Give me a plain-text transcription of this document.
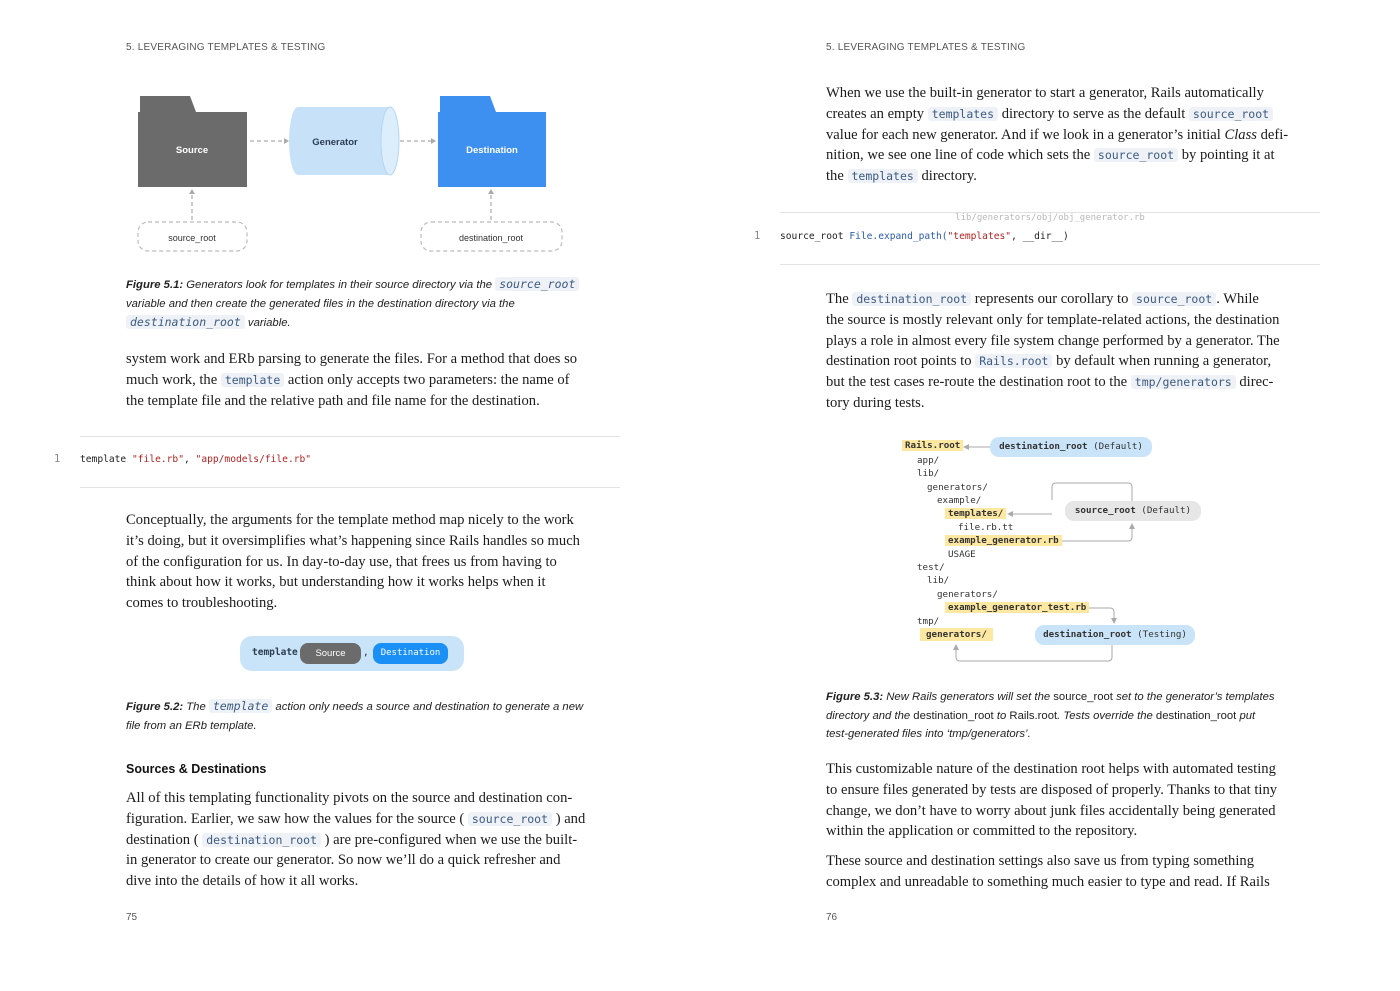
5. LEVERAGING TEMPLATES & TESTING
Source
Generator
Destination
source_root	destination_root
Figure 5.1: Generators look for templates in their source directory via the source_root variable and then create the generated files in the destination directory via the destination_root variable.

system work and ERb parsing to generate the files. For a method that does so

much work, the template action only accepts two parameters: the name of

the template file and the relative path and file name for the destination.

1 template "file.rb", "app/models/file.rb"

Conceptually, the arguments for the template method map nicely to the work

it’s doing, but it oversimplifies what’s happening since Rails handles so much

of the configuration for us. In day-to-day use, that frees us from having to

think about how it works, but understanding how it works helps when it

comes to troubleshooting.

template	Source	,	Destination
Figure 5.2: The template action only needs a source and destination to generate a new
file from an ERb template.
Sources & Destinations

All of this templating functionality pivots on the source and destination con-

figuration. Earlier, we saw how the values for the source ( source_root ) and

destination ( destination_root ) are pre-configured when we use the built-

in generator to create our generator. So now we’ll do a quick refresher and

dive into the details of how it all works.

75
5. LEVERAGING TEMPLATES & TESTING

When we use the built-in generator to start a generator, Rails automatically

creates an empty templates directory to serve as the default source_root

value for each new generator. And if we look in a generator’s initial Class defi-

nition, we see one line of code which sets the source_root by pointing it at

the templates directory.

lib/generators/obj/obj_generator.rb
1 source_root File.expand_path("templates", __dir__)

The destination_root represents our corollary to source_root . While

the source is mostly relevant only for template-related actions, the destination

plays a role in almost every file system change performed by a generator. The

destination root points to Rails.root by default when running a generator,

but the test cases re-route the destination root to the tmp/generators direc-

tory during tests.

Rails.root
app/
lib/
generators/
example/
templates/
file.rb.tt
example_generator.rb
USAGE
test/
lib/
generators/
example_generator_test.rb
tmp/
generators/
destination_root (Default)
source_root (Default)
destination_root (Testing)
Figure 5.3: New Rails generators will set the source_root set to the generator’s templates
directory and the destination_root to Rails.root. Tests override the destination_root put
test-generated files into ‘tmp/generators’.

This customizable nature of the destination root helps with automated testing

to ensure files generated by tests are disposed of properly. Thanks to that tiny

change, we don’t have to worry about junk files accidentally being generated

within the application or committed to the repository.

These source and destination settings also save us from typing something

complex and unreadable to something much easier to type and read. If Rails

76
